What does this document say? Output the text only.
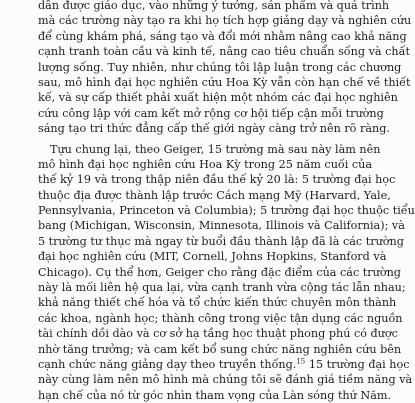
dân được giáo dục, vào những ý tưởng, sản phẩm và quá trình
mà các trường này tạo ra khi họ tích hợp giảng dạy và nghiên cứu
để cùng khám phá, sáng tạo và đổi mới nhằm nâng cao khả năng
cạnh tranh toàn cầu và kinh tế, nâng cao tiêu chuẩn sống và chất
lượng sống. Tuy nhiên, như chúng tôi lập luận trong các chương
sau, mô hình đại học nghiên cứu Hoa Kỳ vẫn còn hạn chế về thiết
kế, và sự cấp thiết phải xuất hiện một nhóm các đại học nghiên
cứu công lập với cam kết mở rộng cơ hội tiếp cận mỗi trường
sáng tạo tri thức đẳng cấp thế giới ngày càng trở nên rõ ràng.
Tựu chung lại, theo Geiger, 15 trường mà sau này làm nên
mô hình đại học nghiên cứu Hoa Kỳ trong 25 năm cuối của
thế kỷ 19 và trong thập niên đầu thế kỷ 20 là: 5 trường đại học
thuộc địa được thành lập trước Cách mạng Mỹ (Harvard, Yale,
Pennsylvania, Princeton và Columbia); 5 trường đại học thuộc tiểu
bang (Michigan, Wisconsin, Minnesota, Illinois và California); và
5 trường tư thục mà ngay từ buổi đầu thành lập đã là các trường
đại học nghiên cứu (MIT, Cornell, Johns Hopkins, Stanford và
Chicago). Cụ thể hơn, Geiger cho rằng đặc điểm của các trường
này là mối liên hệ qua lại, vừa cạnh tranh vừa cộng tác lẫn nhau;
khả năng thiết chế hóa và tổ chức kiến thức chuyên môn thành
các khoa, ngành học; thành công trong việc tận dụng các nguồn
tài chính dồi dào và cơ sở hạ tầng học thuật phong phú có được
nhờ tăng trưởng; và cam kết bổ sung chức năng nghiên cứu bên
cạnh chức năng giảng dạy theo truyền thống.$^{15}$ 15 trường đại học
này cùng làm nên mô hình mà chúng tôi sẽ đánh giá tiềm năng và
hạn chế của nó từ góc nhìn tham vọng của Làn sóng thứ Năm.
